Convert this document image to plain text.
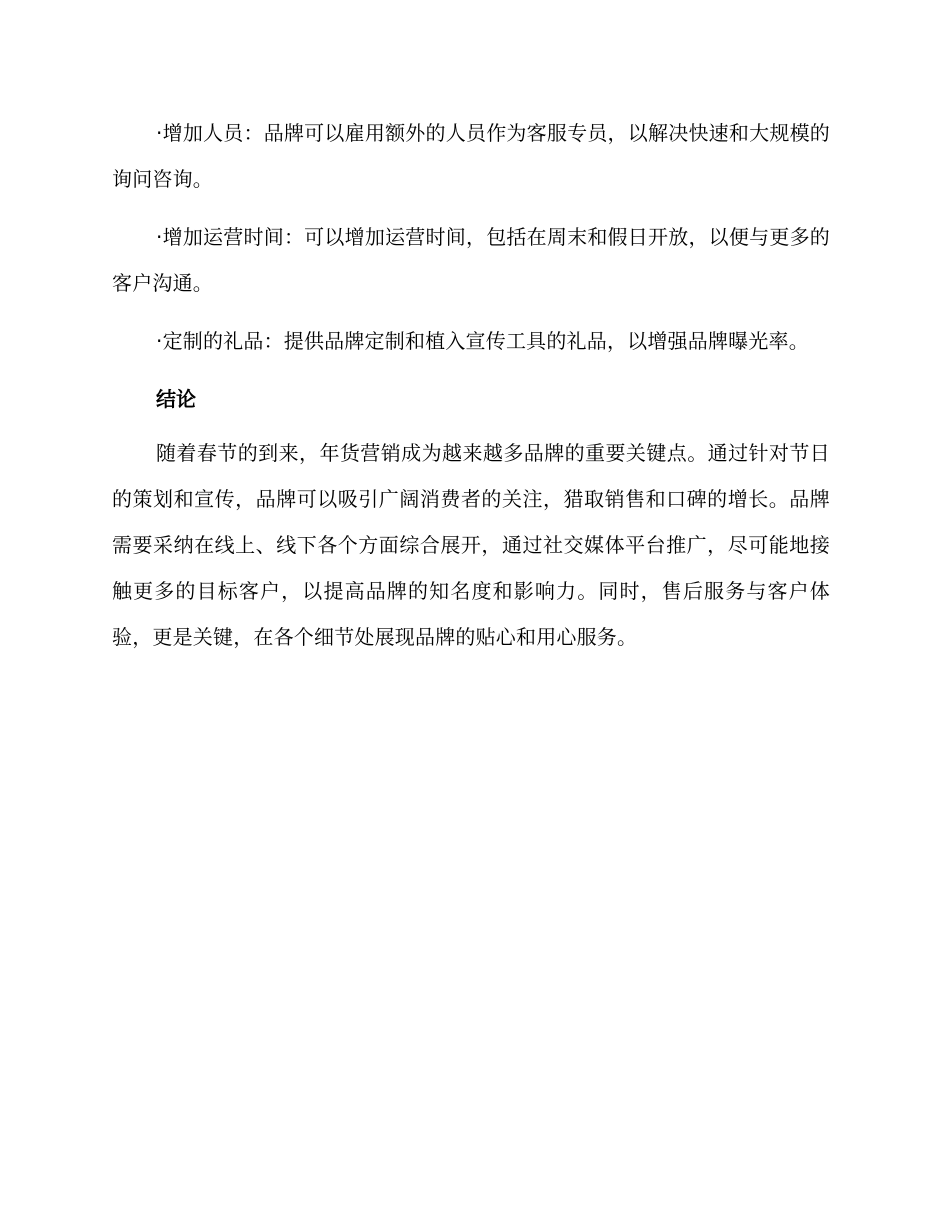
·增加人员：品牌可以雇用额外的人员作为客服专员，以解决快速和大规模的询问咨询。

·增加运营时间：可以增加运营时间，包括在周末和假日开放，以便与更多的客户沟通。

·定制的礼品：提供品牌定制和植入宣传工具的礼品，以增强品牌曝光率。

结论

随着春节的到来，年货营销成为越来越多品牌的重要关键点。通过针对节日的策划和宣传，品牌可以吸引广阔消费者的关注，猎取销售和口碑的增长。品牌需要采纳在线上、线下各个方面综合展开，通过社交媒体平台推广，尽可能地接触更多的目标客户，以提高品牌的知名度和影响力。同时，售后服务与客户体验，更是关键，在各个细节处展现品牌的贴心和用心服务。
